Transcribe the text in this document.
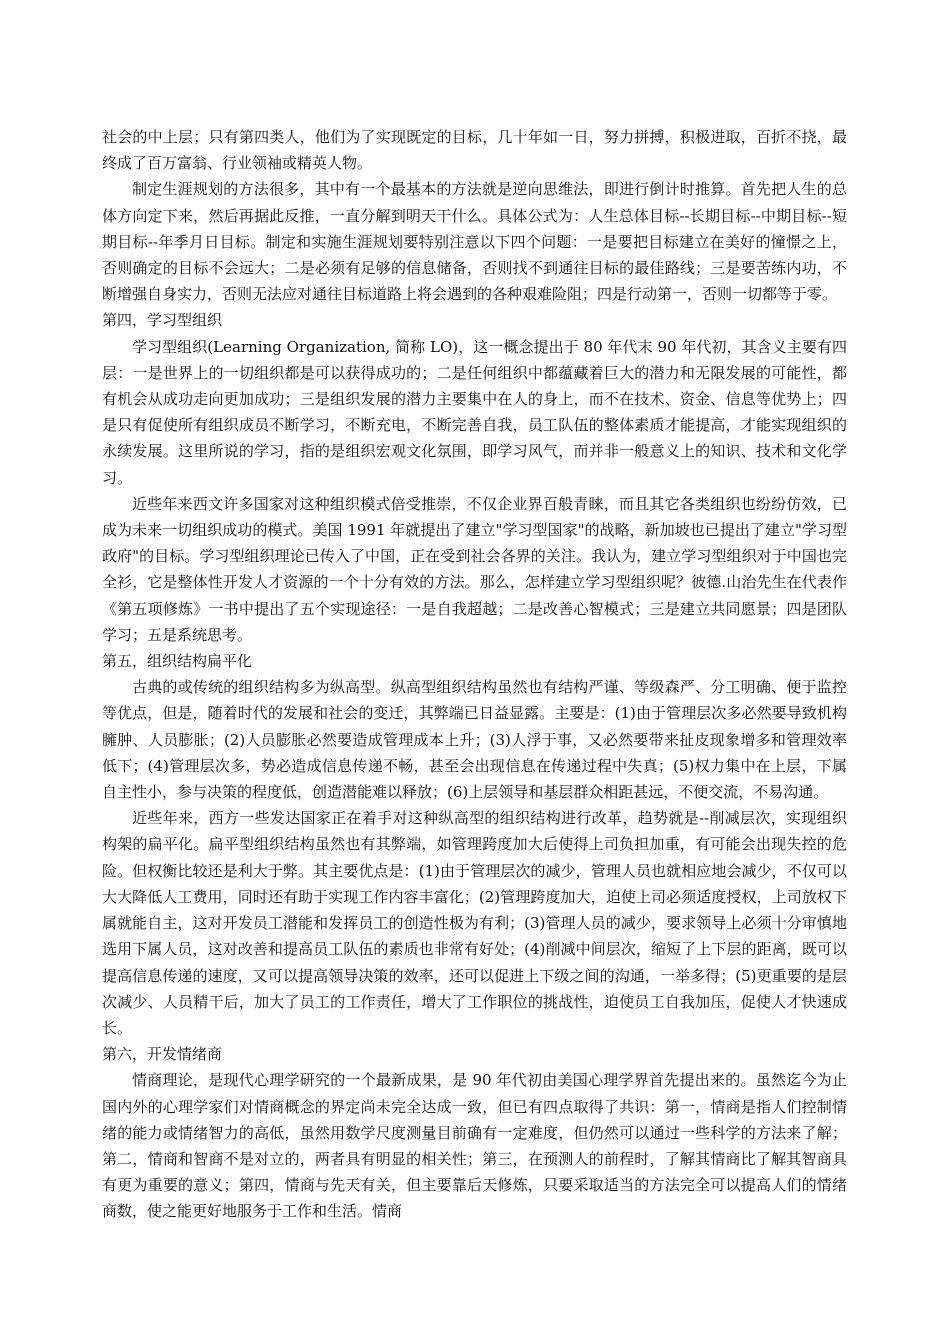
社会的中上层；只有第四类人，他们为了实现既定的目标，几十年如一日，努力拼搏，积极进取，百折不挠，最终成了百万富翁、行业领袖或精英人物。

制定生涯规划的方法很多，其中有一个最基本的方法就是逆向思维法，即进行倒计时推算。首先把人生的总体方向定下来，然后再据此反推，一直分解到明天干什么。具体公式为：人生总体目标--长期目标--中期目标--短期目标--年季月日目标。制定和实施生涯规划要特别注意以下四个问题：一是要把目标建立在美好的憧憬之上，否则确定的目标不会远大；二是必须有足够的信息储备，否则找不到通往目标的最佳路线；三是要苦练内功，不断增强自身实力，否则无法应对通往目标道路上将会遇到的各种艰难险阻；四是行动第一，否则一切都等于零。

第四，学习型组织

学习型组织(Learning Organization, 简称 LO)，这一概念提出于 80 年代末 90 年代初，其含义主要有四层：一是世界上的一切组织都是可以获得成功的；二是任何组织中都蕴藏着巨大的潜力和无限发展的可能性，都有机会从成功走向更加成功；三是组织发展的潜力主要集中在人的身上，而不在技术、资金、信息等优势上；四是只有促使所有组织成员不断学习，不断充电，不断完善自我，员工队伍的整体素质才能提高，才能实现组织的永续发展。这里所说的学习，指的是组织宏观文化氛围，即学习风气，而并非一般意义上的知识、技术和文化学习。

近些年来西文许多国家对这种组织模式倍受推崇，不仅企业界百般青睐，而且其它各类组织也纷纷仿效，已成为未来一切组织成功的模式。美国 1991 年就提出了建立"学习型国家"的战略，新加坡也已提出了建立"学习型政府"的目标。学习型组织理论已传入了中国，正在受到社会各界的关注。我认为，建立学习型组织对于中国也完全衫，它是整体性开发人才资源的一个十分有效的方法。那么，怎样建立学习型组织呢？彼德.山治先生在代表作《第五项修炼》一书中提出了五个实现途径：一是自我超越；二是改善心智模式；三是建立共同愿景；四是团队学习；五是系统思考。

第五，组织结构扁平化

古典的或传统的组织结构多为纵高型。纵高型组织结构虽然也有结构严谨、等级森严、分工明确、便于监控等优点，但是，随着时代的发展和社会的变迁，其弊端已日益显露。主要是：(1)由于管理层次多必然要导致机构臃肿、人员膨胀；(2)人员膨胀必然要造成管理成本上升；(3)人浮于事，又必然要带来扯皮现象增多和管理效率低下；(4)管理层次多，势必造成信息传递不畅，甚至会出现信息在传递过程中失真；(5)权力集中在上层，下属自主性小，参与决策的程度低，创造潜能难以释放；(6)上层领导和基层群众相距甚远，不便交流，不易沟通。

近些年来，西方一些发达国家正在着手对这种纵高型的组织结构进行改革，趋势就是--削减层次，实现组织构架的扁平化。扁平型组织结构虽然也有其弊端，如管理跨度加大后使得上司负担加重，有可能会出现失控的危险。但权衡比较还是利大于弊。其主要优点是：(1)由于管理层次的减少，管理人员也就相应地会减少，不仅可以大大降低人工费用，同时还有助于实现工作内容丰富化；(2)管理跨度加大，迫使上司必须适度授权，上司放权下属就能自主，这对开发员工潜能和发挥员工的创造性极为有利；(3)管理人员的减少，要求领导上必须十分审慎地选用下属人员，这对改善和提高员工队伍的素质也非常有好处；(4)削减中间层次，缩短了上下层的距离，既可以提高信息传递的速度，又可以提高领导决策的效率，还可以促进上下级之间的沟通，一举多得；(5)更重要的是层次减少、人员精干后，加大了员工的工作责任，增大了工作职位的挑战性，迫使员工自我加压，促使人才快速成长。

第六，开发情绪商

情商理论，是现代心理学研究的一个最新成果，是 90 年代初由美国心理学界首先提出来的。虽然迄今为止国内外的心理学家们对情商概念的界定尚未完全达成一致，但已有四点取得了共识：第一，情商是指人们控制情绪的能力或情绪智力的高低，虽然用数学尺度测量目前确有一定难度，但仍然可以通过一些科学的方法来了解；第二，情商和智商不是对立的，两者具有明显的相关性；第三，在预测人的前程时，了解其情商比了解其智商具有更为重要的意义；第四，情商与先天有关，但主要靠后天修炼，只要采取适当的方法完全可以提高人们的情绪商数，使之能更好地服务于工作和生活。情商
